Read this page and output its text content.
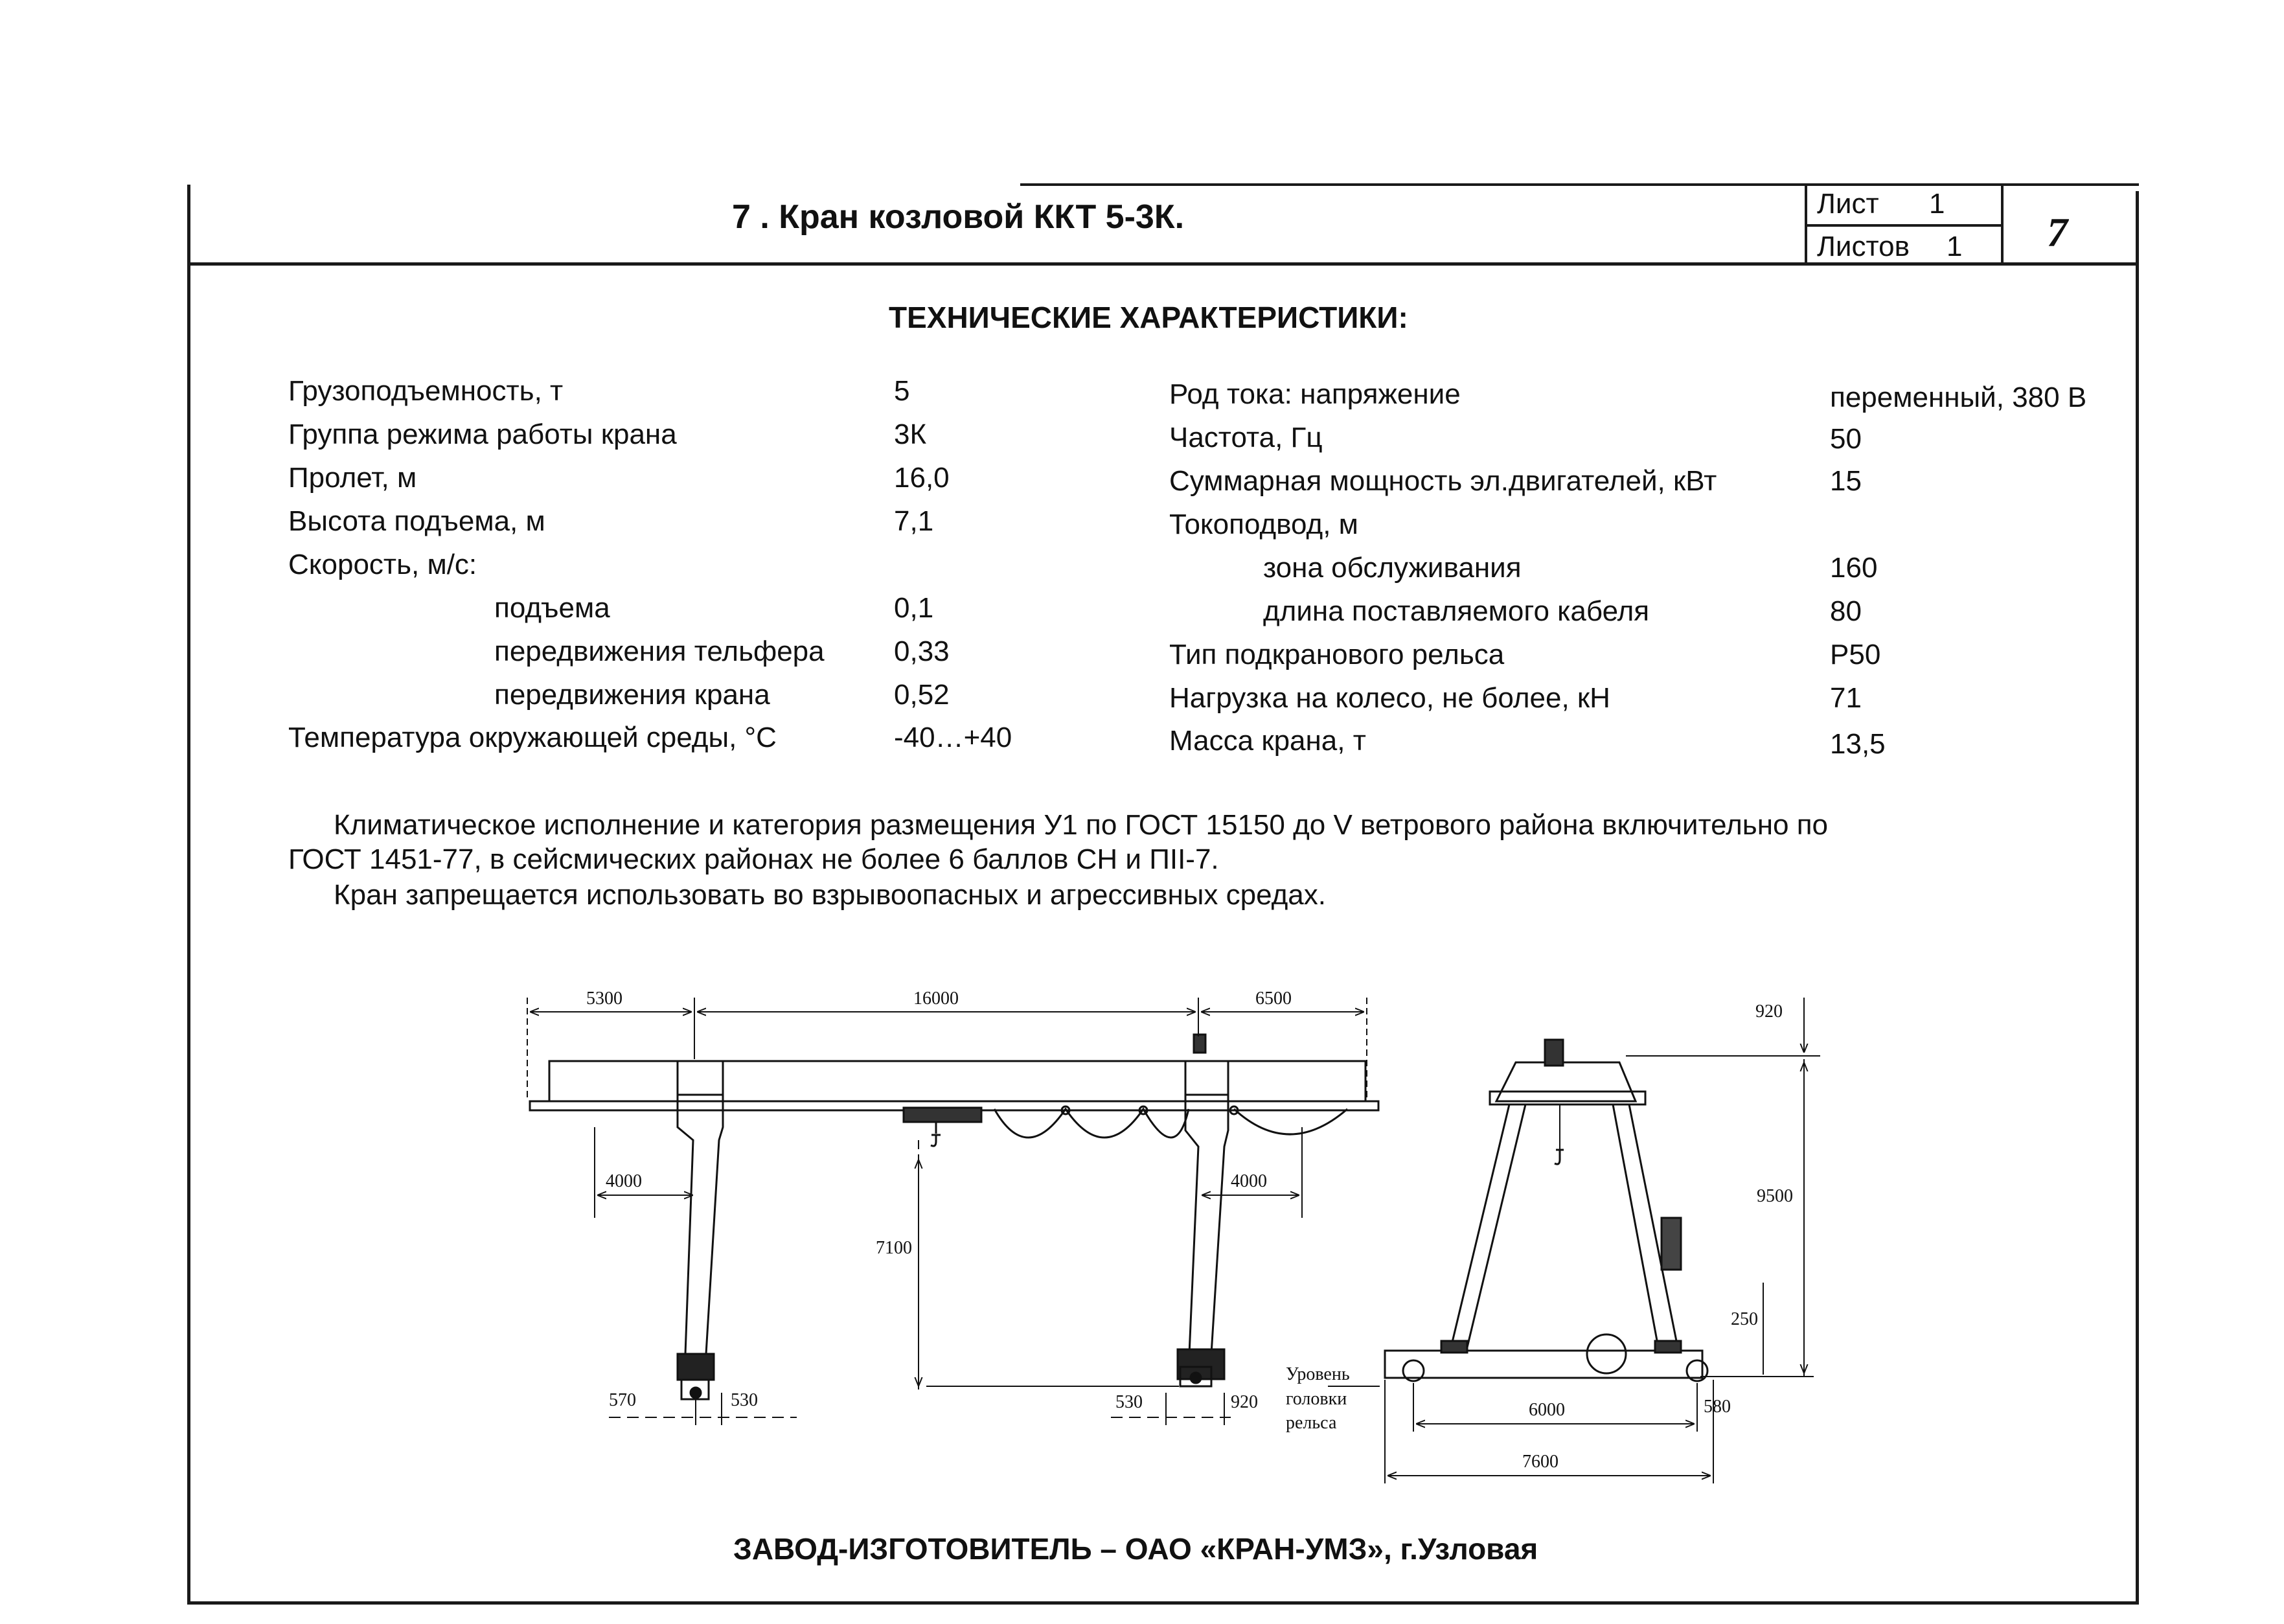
7 . Кран козловой ККТ 5-3К.	Лист 1
Листов 1 7
ТЕХНИЧЕСКИЕ ХАРАКТЕРИСТИКИ:
Грузоподъемность, т	5
Группа режима работы крана	3К
Пролет, м	16,0
Высота подъема, м	7,1
Скорость, м/с:
подъема	0,1
передвижения тельфера 0,33
передвижения крана	0,52
Температура окружающей среды, °С	-40…+40
Род тока: напряжение	переменный, 380 В
Частота, Гц	50
Суммарная мощность эл.двигателей, кВт	15
Токоподвод, м
зона обслуживания	160
длина поставляемого кабеля	80
Тип подкранового рельса	Р50
Нагрузка на колесо, не более, кН	71
Масса крана, т	13,5
Климатическое исполнение и категория размещения У1 по ГОСТ 15150 до V ветрового района включительно по
ГОСТ 1451-77, в сейсмических районах не более 6 баллов СН и ПII-7.
Кран запрещается использовать во взрывоопасных и агрессивных средах.
5300	16000	6500
4000	4000
7100
570	530	530	920
920
9500
250
6000	580
7600
Уровень
головки
рельса
ЗАВОД-ИЗГОТОВИТЕЛЬ – ОАО «КРАН-УМЗ», г.Узловая
